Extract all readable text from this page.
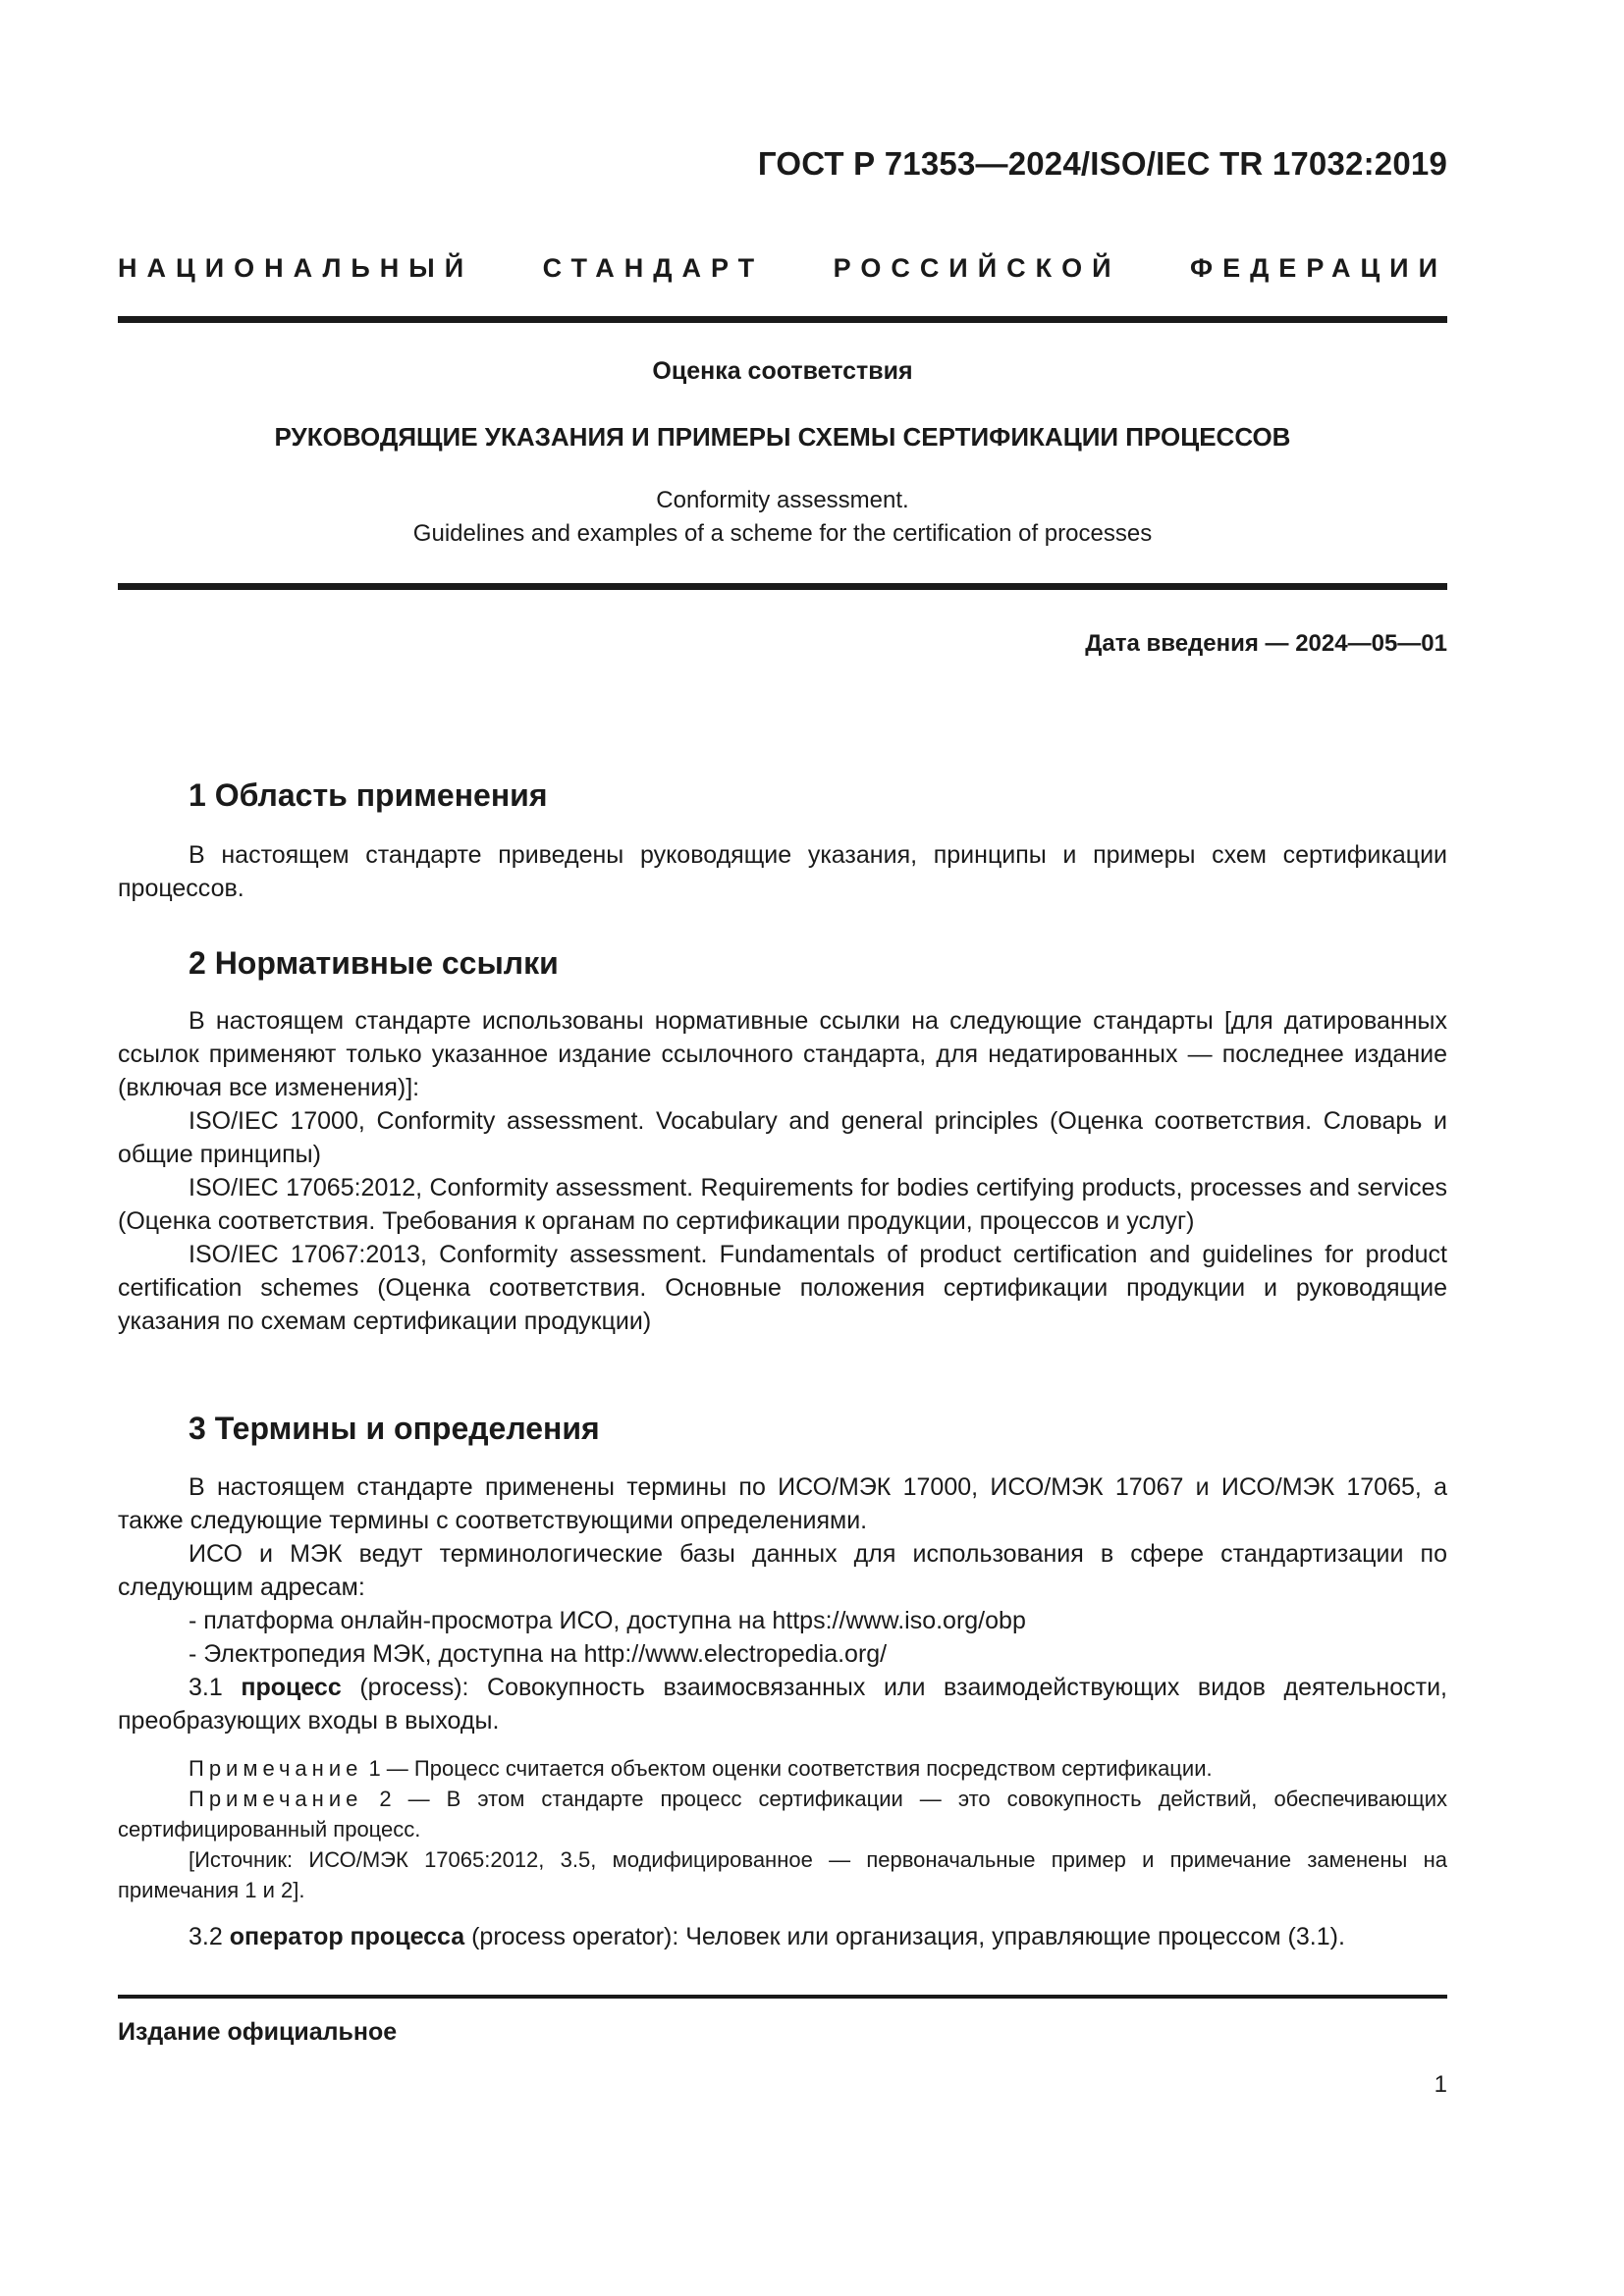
ГОСТ Р 71353—2024/ISO/IEC TR 17032:2019
НАЦИОНАЛЬНЫЙ СТАНДАРТ РОССИЙСКОЙ ФЕДЕРАЦИИ
Оценка соответствия
РУКОВОДЯЩИЕ УКАЗАНИЯ И ПРИМЕРЫ СХЕМЫ СЕРТИФИКАЦИИ ПРОЦЕССОВ
Conformity assessment.
Guidelines and examples of a scheme for the certification of processes
Дата введения — 2024—05—01
1 Область применения

В настоящем стандарте приведены руководящие указания, принципы и примеры схем сертификации процессов.

2 Нормативные ссылки

В настоящем стандарте использованы нормативные ссылки на следующие стандарты [для датированных ссылок применяют только указанное издание ссылочного стандарта, для недатированных — последнее издание (включая все изменения)]:

ISO/IEC 17000, Conformity assessment. Vocabulary and general principles (Оценка соответствия. Словарь и общие принципы)

ISO/IEC 17065:2012, Conformity assessment. Requirements for bodies certifying products, processes and services (Оценка соответствия. Требования к органам по сертификации продукции, процессов и услуг)

ISO/IEC 17067:2013, Conformity assessment. Fundamentals of product certification and guidelines for product certification schemes (Оценка соответствия. Основные положения сертификации продукции и руководящие указания по схемам сертификации продукции)

3 Термины и определения

В настоящем стандарте применены термины по ИСО/МЭК 17000, ИСО/МЭК 17067 и ИСО/МЭК 17065, а также следующие термины с соответствующими определениями.

ИСО и МЭК ведут терминологические базы данных для использования в сфере стандартизации по следующим адресам:

- платформа онлайн-просмотра ИСО, доступна на https://www.iso.org/obp

- Электропедия МЭК, доступна на http://www.electropedia.org/

3.1 процесс (process): Совокупность взаимосвязанных или взаимодействующих видов деятельности, преобразующих входы в выходы.

Примечание 1 — Процесс считается объектом оценки соответствия посредством сертификации.

Примечание 2 — В этом стандарте процесс сертификации — это совокупность действий, обеспечивающих сертифицированный процесс.

[Источник: ИСО/МЭК 17065:2012, 3.5, модифицированное — первоначальные пример и примечание заменены на примечания 1 и 2].

3.2 оператор процесса (process operator): Человек или организация, управляющие процессом (3.1).

Издание официальное
1
